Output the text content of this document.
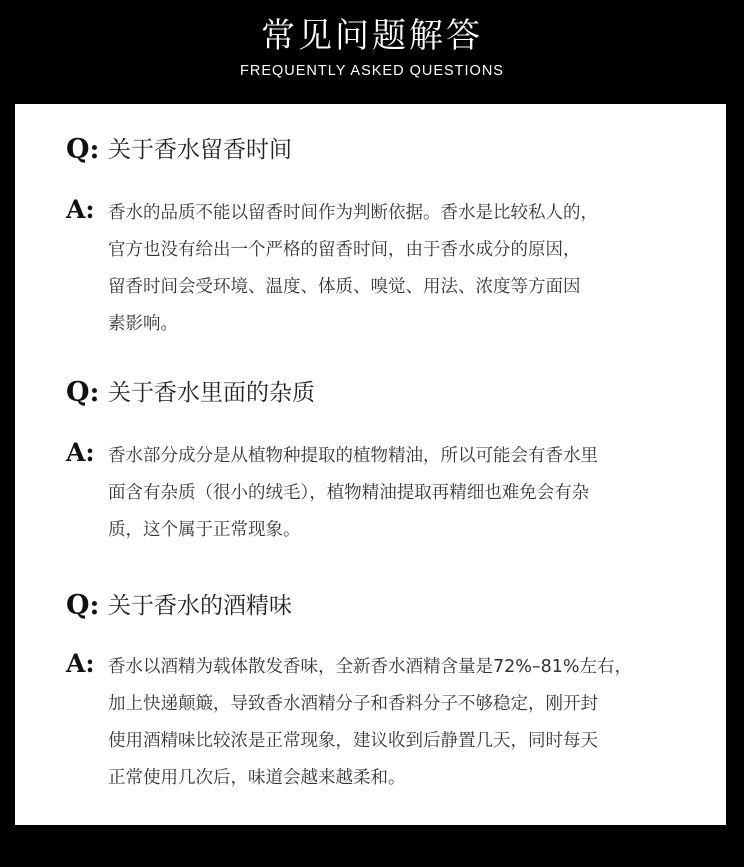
常见问题解答
FREQUENTLY ASKED QUESTIONS
Q: 关于香水留香时间
A: 香水的品质不能以留香时间作为判断依据。香水是比较私人的，
官方也没有给出一个严格的留香时间，由于香水成分的原因，
留香时间会受环境、温度、体质、嗅觉、用法、浓度等方面因
素影响。
Q: 关于香水里面的杂质
A: 香水部分成分是从植物种提取的植物精油，所以可能会有香水里
面含有杂质（很小的绒毛），植物精油提取再精细也难免会有杂
质，这个属于正常现象。
Q: 关于香水的酒精味
A: 香水以酒精为载体散发香味，全新香水酒精含量是72%–81%左右，
加上快递颠簸，导致香水酒精分子和香料分子不够稳定，刚开封
使用酒精味比较浓是正常现象，建议收到后静置几天，同时每天
正常使用几次后，味道会越来越柔和。
